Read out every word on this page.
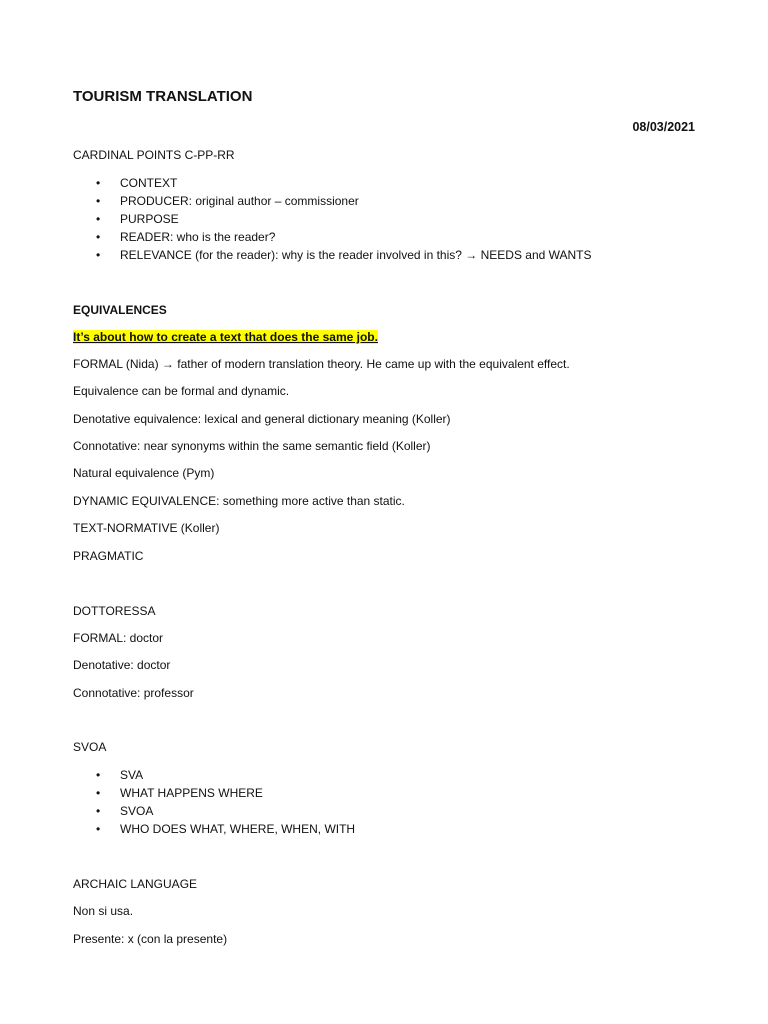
TOURISM TRANSLATION
08/03/2021
CARDINAL POINTS C-PP-RR
• CONTEXT
• PRODUCER: original author – commissioner
• PURPOSE
• READER: who is the reader?
• RELEVANCE (for the reader): why is the reader involved in this? → NEEDS and WANTS
EQUIVALENCES
It’s about how to create a text that does the same job.
FORMAL (Nida) → father of modern translation theory. He came up with the equivalent effect.
Equivalence can be formal and dynamic.
Denotative equivalence: lexical and general dictionary meaning (Koller)
Connotative: near synonyms within the same semantic field (Koller)
Natural equivalence (Pym)
DYNAMIC EQUIVALENCE: something more active than static.
TEXT-NORMATIVE (Koller)
PRAGMATIC
DOTTORESSA
FORMAL: doctor
Denotative: doctor
Connotative: professor
SVOA
• SVA
• WHAT HAPPENS WHERE
• SVOA
• WHO DOES WHAT, WHERE, WHEN, WITH
ARCHAIC LANGUAGE
Non si usa.
Presente: x (con la presente)
